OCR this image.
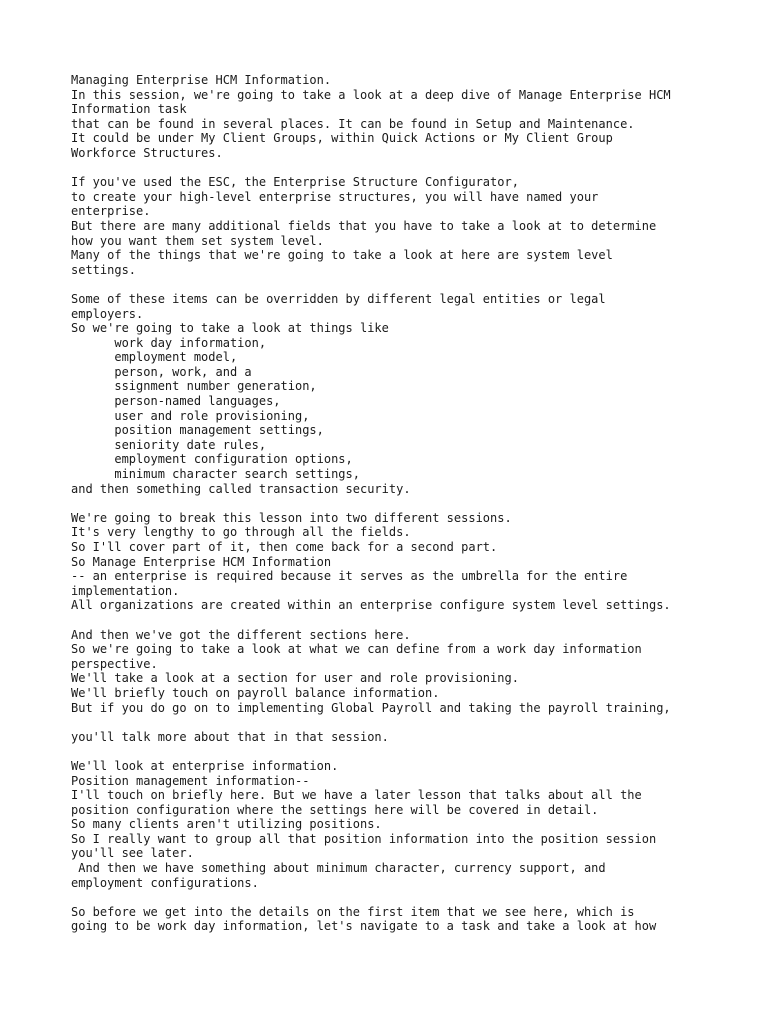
Managing Enterprise HCM Information.
In this session, we're going to take a look at a deep dive of Manage Enterprise HCM
Information task
that can be found in several places. It can be found in Setup and Maintenance.
It could be under My Client Groups, within Quick Actions or My Client Group
Workforce Structures.
If you've used the ESC, the Enterprise Structure Configurator,
to create your high-level enterprise structures, you will have named your
enterprise.
But there are many additional fields that you have to take a look at to determine
how you want them set system level.
Many of the things that we're going to take a look at here are system level
settings.
Some of these items can be overridden by different legal entities or legal
employers.
So we're going to take a look at things like
work day information,
employment model,
person, work, and a
ssignment number generation,
person-named languages,
user and role provisioning,
position management settings,
seniority date rules,
employment configuration options,
minimum character search settings,
and then something called transaction security.
We're going to break this lesson into two different sessions.
It's very lengthy to go through all the fields.
So I'll cover part of it, then come back for a second part.
So Manage Enterprise HCM Information
-- an enterprise is required because it serves as the umbrella for the entire
implementation.
All organizations are created within an enterprise configure system level settings.
And then we've got the different sections here.
So we're going to take a look at what we can define from a work day information
perspective.
We'll take a look at a section for user and role provisioning.
We'll briefly touch on payroll balance information.
But if you do go on to implementing Global Payroll and taking the payroll training,
you'll talk more about that in that session.
We'll look at enterprise information.
Position management information--
I'll touch on briefly here. But we have a later lesson that talks about all the
position configuration where the settings here will be covered in detail.
So many clients aren't utilizing positions.
So I really want to group all that position information into the position session
you'll see later.
And then we have something about minimum character, currency support, and
employment configurations.
So before we get into the details on the first item that we see here, which is
going to be work day information, let's navigate to a task and take a look at how
